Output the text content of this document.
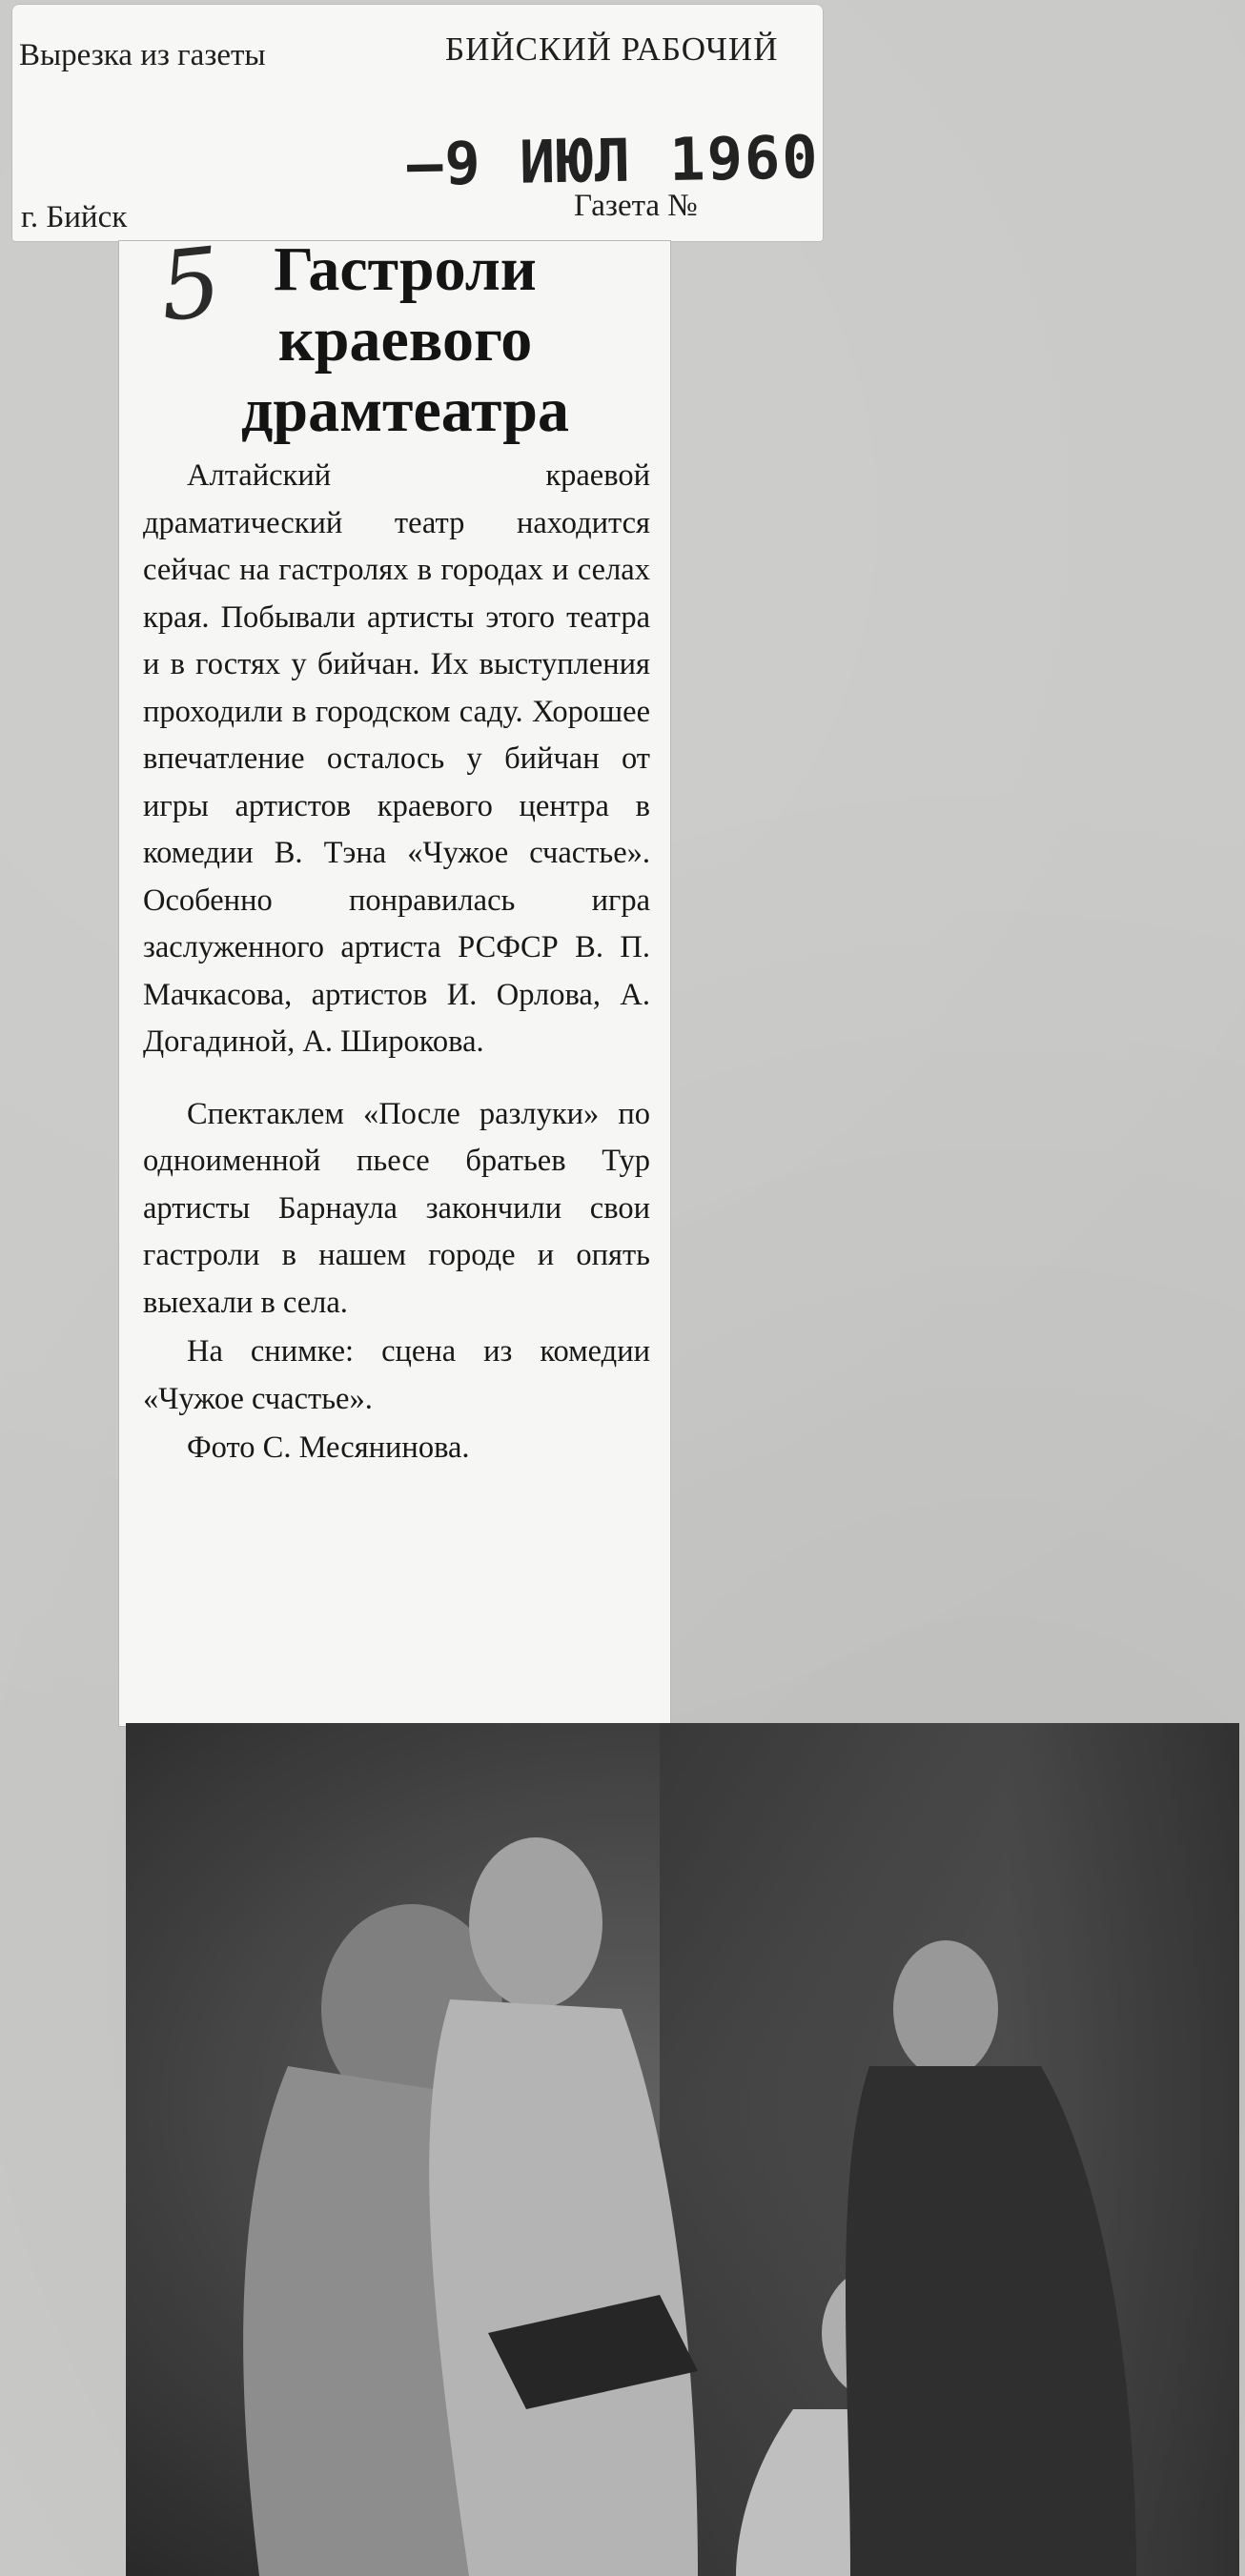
Вырезка из газеты	БИЙСКИЙ РАБОЧИЙ
–9 ИЮЛ 1960
г. Бийск	Газета №
5 Гастроли
краевого
драмтеатра

Алтайский краевой драматический театр находится сейчас на гастролях в городах и селах края. Побывали артисты этого театра и в гостях у бийчан. Их выступления проходили в городском саду. Хорошее впечатление осталось у бийчан от игры артистов краевого центра в комедии В. Тэна «Чужое счастье». Особенно понравилась игра заслуженного артиста РСФСР В. П. Мачкасова, артистов И. Орлова, А. Догадиной, А. Широкова.

Спектаклем «После разлуки» по одноименной пьесе братьев Тур артисты Барнаула закончили свои гастроли в нашем городе и опять выехали в села.

На снимке: сцена из комедии «Чужое счастье».

Фото С. Месянинова.
